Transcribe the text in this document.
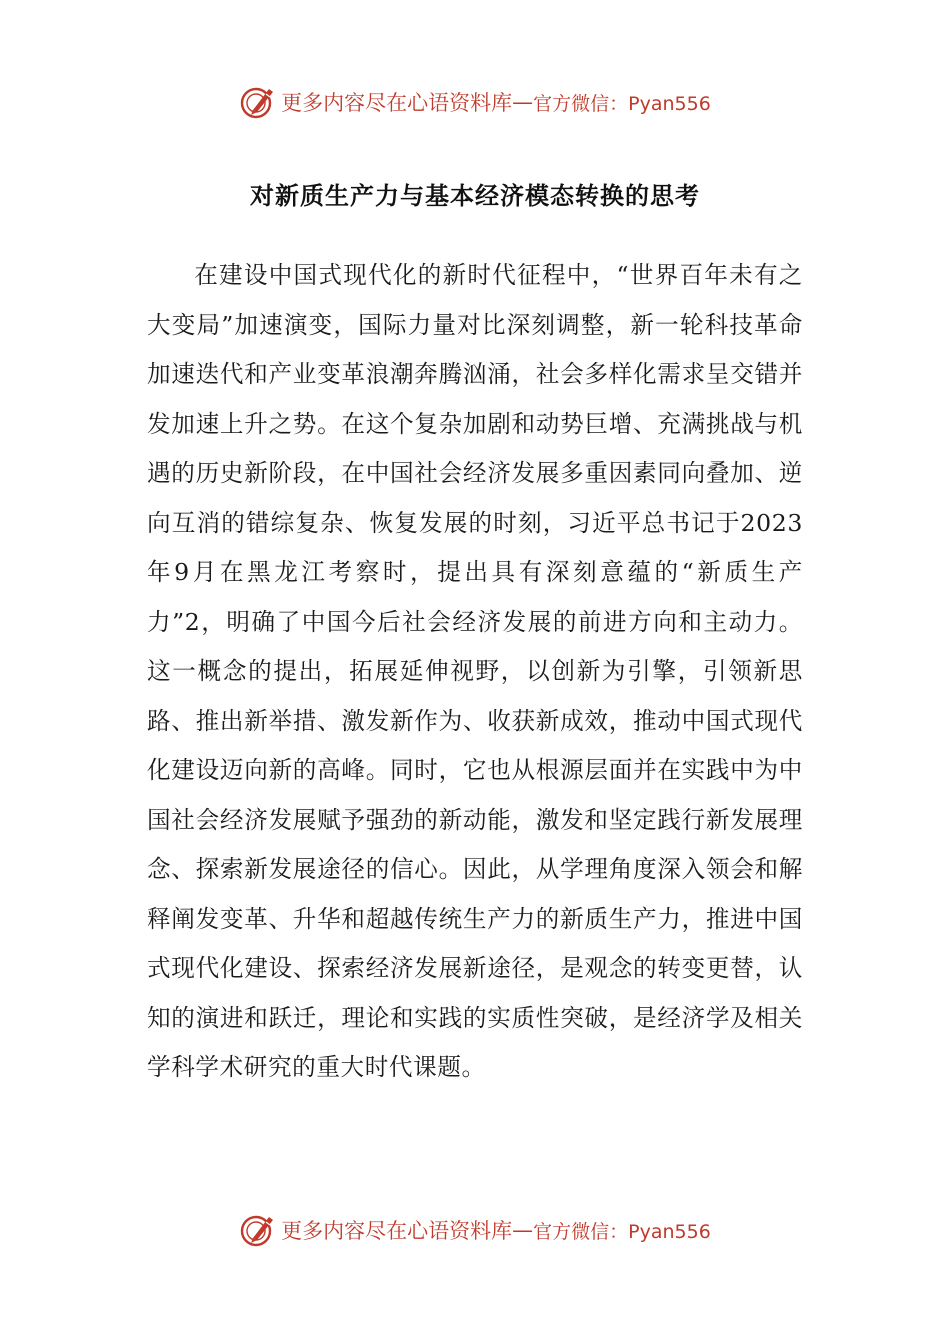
更多内容尽在心语资料库 — 官方微信：Pyan556
对新质生产力与基本经济模态转换的思考

在建设中国式现代化的新时代征程中，“世界百年未有之大变局”加速演变，国际力量对比深刻调整，新一轮科技革命加速迭代和产业变革浪潮奔腾汹涌，社会多样化需求呈交错并发加速上升之势。在这个复杂加剧和动势巨增、充满挑战与机遇的历史新阶段，在中国社会经济发展多重因素同向叠加、逆向互消的错综复杂、恢复发展的时刻，习近平总书记于2023年9月在黑龙江考察时，提出具有深刻意蕴的“新质生产力”2，明确了中国今后社会经济发展的前进方向和主动力。这一概念的提出，拓展延伸视野，以创新为引擎，引领新思路、推出新举措、激发新作为、收获新成效，推动中国式现代化建设迈向新的高峰。同时，它也从根源层面并在实践中为中国社会经济发展赋予强劲的新动能，激发和坚定践行新发展理念、探索新发展途径的信心。因此，从学理角度深入领会和解释阐发变革、升华和超越传统生产力的新质生产力，推进中国式现代化建设、探索经济发展新途径，是观念的转变更替，认知的演进和跃迁，理论和实践的实质性突破，是经济学及相关学科学术研究的重大时代课题。

更多内容尽在心语资料库 — 官方微信：Pyan556
